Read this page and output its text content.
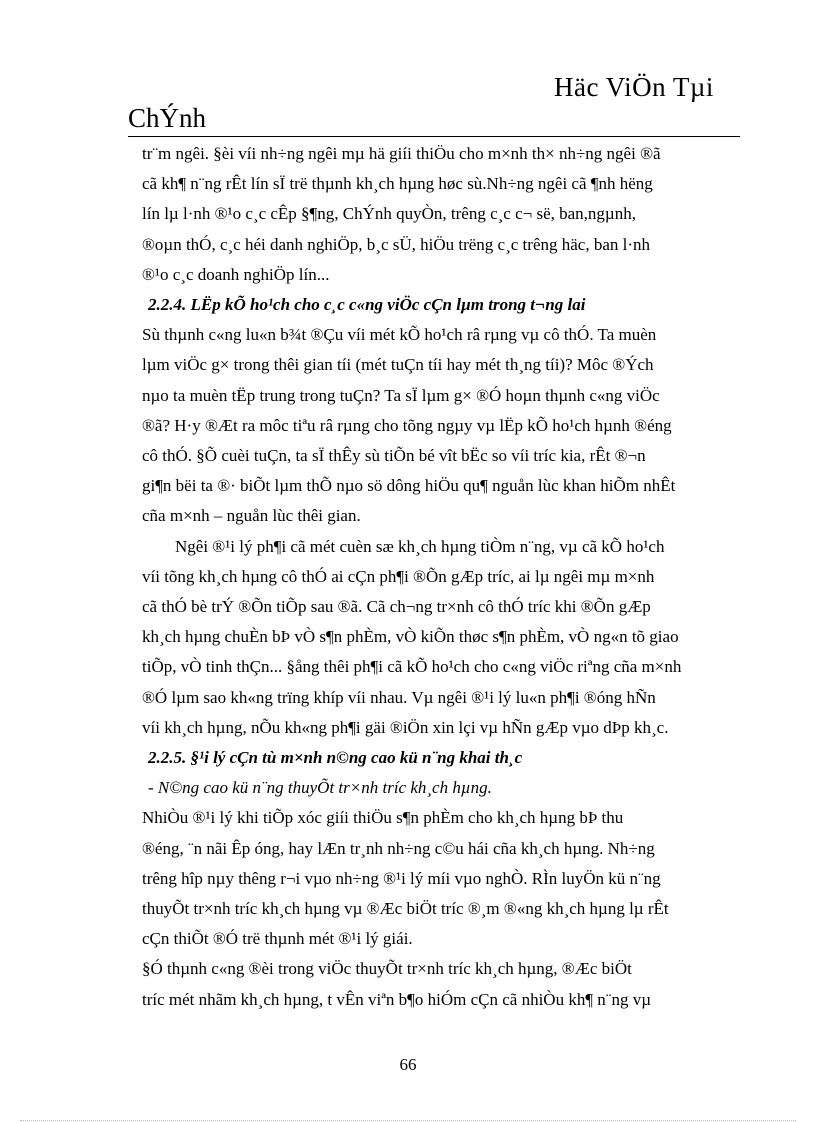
Häc ViÖn Tµi
ChÝnh

tr¨m ngêi. §èi víi nh÷ng ngêi mµ hä giíi thiÖu cho m×nh th× nh÷ng ngêi ®ã
cã kh¶ n¨ng rÊt lín sÏ trë thµnh kh¸ch hµng høc sù.Nh÷ng ngêi cã ¶nh hëng
lín lµ l·nh ®¹o c¸c cÊp §¶ng, ChÝnh quyÒn, trêng c¸c c¬ së, ban,ngµnh,
®oµn thÓ, c¸c héi danh nghiÖp, b¸c sÜ, hiÖu trëng c¸c trêng häc, ban l·nh
®¹o c¸c doanh nghiÖp lín...

2.2.4. LËp kÕ ho¹ch cho c¸c c«ng viÖc cÇn lµm trong t¬ng lai

Sù thµnh c«ng lu«n b¾t ®Çu víi mét kÕ ho¹ch râ rµng vµ cô thÓ. Ta muèn
lµm viÖc g× trong thêi gian tíi (mét tuÇn tíi hay mét th¸ng tíi)? Môc ®Ých
nµo ta muèn tËp trung trong tuÇn? Ta sÏ lµm g× ®Ó hoµn thµnh c«ng viÖc
®ã? H·y ®Æt ra môc tiªu râ rµng cho tõng ngµy vµ lËp kÕ ho¹ch hµnh ®éng
cô thÓ. §Õ cuèi tuÇn, ta sÏ thÊy sù tiÕn bé vît bËc so víi tríc kia, rÊt ®¬n
gi¶n bëi ta ®· biÕt lµm thÕ nµo sö dông hiÖu qu¶ nguån lùc khan hiÕm nhÊt
cña m×nh – nguån lùc thêi gian.

Ngêi ®¹i lý ph¶i cã mét cuèn sæ kh¸ch hµng tiÒm n¨ng, vµ cã kÕ ho¹ch
víi tõng kh¸ch hµng cô thÓ ai cÇn ph¶i ®Õn gÆp tríc, ai lµ ngêi mµ m×nh
cã thÓ bè trÝ ®Õn tiÕp sau ®ã. Cã ch¬ng tr×nh cô thÓ tríc khi ®Õn gÆp
kh¸ch hµng chuÈn bÞ vÒ s¶n phÈm, vÒ kiÕn thøc s¶n phÈm, vÒ ng«n tõ giao
tiÕp, vÒ tinh thÇn... §ång thêi ph¶i cã kÕ ho¹ch cho c«ng viÖc riªng cña m×nh
®Ó lµm sao kh«ng trïng khíp víi nhau. Vµ ngêi ®¹i lý lu«n ph¶i ®óng hÑn
víi kh¸ch hµng, nÕu kh«ng ph¶i gäi ®iÖn xin lçi vµ hÑn gÆp vµo dÞp kh¸c.

2.2.5. §¹i lý cÇn tù m×nh n©ng cao kü n¨ng khai th¸c

- N©ng cao kü n¨ng thuyÕt tr×nh tríc kh¸ch hµng.

NhiÒu ®¹i lý khi tiÕp xóc giíi thiÖu s¶n phÈm cho kh¸ch hµng bÞ thu
®éng, ¨n nãi Êp óng, hay lÆn tr¸nh nh÷ng c©u hái cña kh¸ch hµng. Nh÷ng
trêng hîp nµy thêng r¬i vµo nh÷ng ®¹i lý míi vµo nghÒ. RÌn luyÖn kü n¨ng
thuyÕt tr×nh tríc kh¸ch hµng vµ ®Æc biÖt tríc ®¸m ®«ng kh¸ch hµng lµ rÊt
cÇn thiÕt ®Ó trë thµnh mét ®¹i lý giái.

§Ó thµnh c«ng ®èi trong viÖc thuyÕt tr×nh tríc kh¸ch hµng, ®Æc biÖt
tríc mét nhãm kh¸ch hµng, t vÊn viªn b¶o hiÓm cÇn cã nhiÒu kh¶ n¨ng vµ

66
